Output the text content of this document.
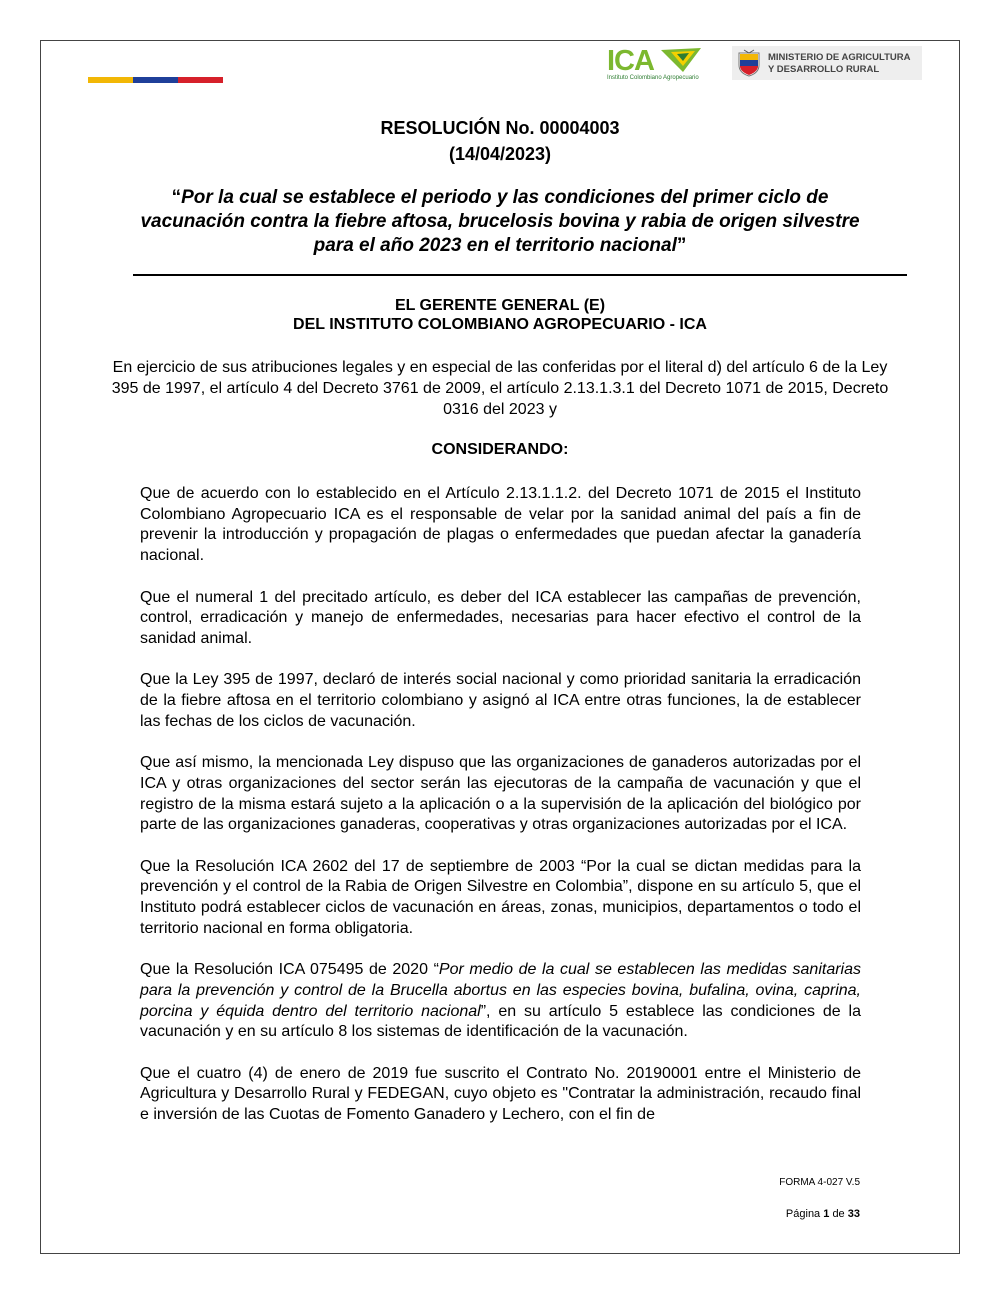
ICA
Instituto Colombiano Agropecuario
MINISTERIO DE AGRICULTURA
Y DESARROLLO RURAL
RESOLUCIÓN No. 00004003
(14/04/2023)
“Por la cual se establece el periodo y las condiciones del primer ciclo de vacunación contra la fiebre aftosa, brucelosis bovina y rabia de origen silvestre para el año 2023 en el territorio nacional”
EL GERENTE GENERAL (E)
DEL INSTITUTO COLOMBIANO AGROPECUARIO - ICA
En ejercicio de sus atribuciones legales y en especial de las conferidas por el literal d) del artículo 6 de la Ley 395 de 1997, el artículo 4 del Decreto 3761 de 2009, el artículo 2.13.1.3.1 del Decreto 1071 de 2015, Decreto 0316 del 2023 y
CONSIDERANDO:

Que de acuerdo con lo establecido en el Artículo 2.13.1.1.2. del Decreto 1071 de 2015 el Instituto Colombiano Agropecuario ICA es el responsable de velar por la sanidad animal del país a fin de prevenir la introducción y propagación de plagas o enfermedades que puedan afectar la ganadería nacional.

Que el numeral 1 del precitado artículo, es deber del ICA establecer las campañas de prevención, control, erradicación y manejo de enfermedades, necesarias para hacer efectivo el control de la sanidad animal.

Que la Ley 395 de 1997, declaró de interés social nacional y como prioridad sanitaria la erradicación de la fiebre aftosa en el territorio colombiano y asignó al ICA entre otras funciones, la de establecer las fechas de los ciclos de vacunación.

Que así mismo, la mencionada Ley dispuso que las organizaciones de ganaderos autorizadas por el ICA y otras organizaciones del sector serán las ejecutoras de la campaña de vacunación y que el registro de la misma estará sujeto a la aplicación o a la supervisión de la aplicación del biológico por parte de las organizaciones ganaderas, cooperativas y otras organizaciones autorizadas por el ICA.

Que la Resolución ICA 2602 del 17 de septiembre de 2003 “Por la cual se dictan medidas para la prevención y el control de la Rabia de Origen Silvestre en Colombia”, dispone en su artículo 5, que el Instituto podrá establecer ciclos de vacunación en áreas, zonas, municipios, departamentos o todo el territorio nacional en forma obligatoria.

Que la Resolución ICA 075495 de 2020 “Por medio de la cual se establecen las medidas sanitarias para la prevención y control de la Brucella abortus en las especies bovina, bufalina, ovina, caprina, porcina y équida dentro del territorio nacional”, en su artículo 5 establece las condiciones de la vacunación y en su artículo 8 los sistemas de identificación de la vacunación.

Que el cuatro (4) de enero de 2019 fue suscrito el Contrato No. 20190001 entre el Ministerio de Agricultura y Desarrollo Rural y FEDEGAN, cuyo objeto es "Contratar la administración, recaudo final e inversión de las Cuotas de Fomento Ganadero y Lechero, con el fin de

FORMA 4-027 V.5
Página 1 de 33
